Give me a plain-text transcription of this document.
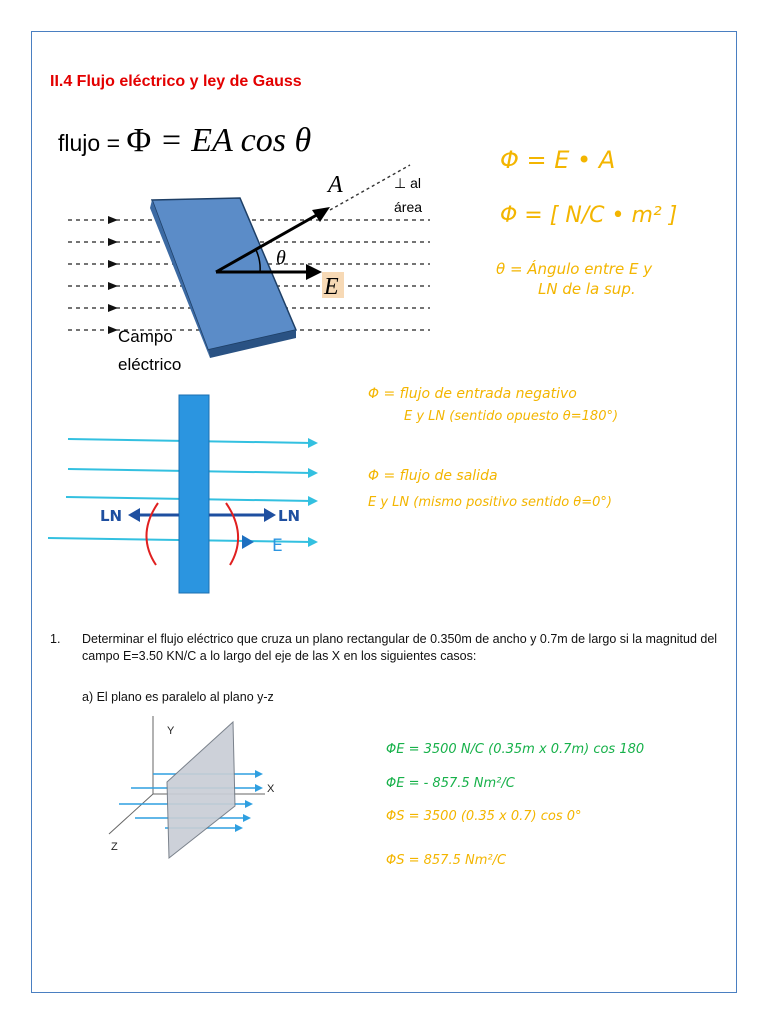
II.4 Flujo eléctrico y ley de Gauss
flujo = Φ = EA cos θ
A
E
θ
⊥ al
área
Campo
eléctrico
Φ = E • A
Φ = [ N/C • m² ]
θ = Ángulo entre E y
LN de la sup.
Φ = flujo de entrada negativo
E y LN (sentido opuesto θ=180°)
Φ = flujo de salida
E y LN (mismo positivo sentido θ=0°)
LN	LN
E
1. Determinar el flujo eléctrico que cruza un plano rectangular de 0.350m de ancho y 0.7m de largo si la magnitud del campo E=3.50 KN/C a lo largo del eje de las X en los siguientes casos:
a) El plano es paralelo al plano y-z
Y
X
Z
ΦE = 3500 N/C (0.35m x 0.7m) cos 180
ΦE = - 857.5 Nm²/C
ΦS = 3500 (0.35 x 0.7) cos 0°
ΦS = 857.5 Nm²/C
